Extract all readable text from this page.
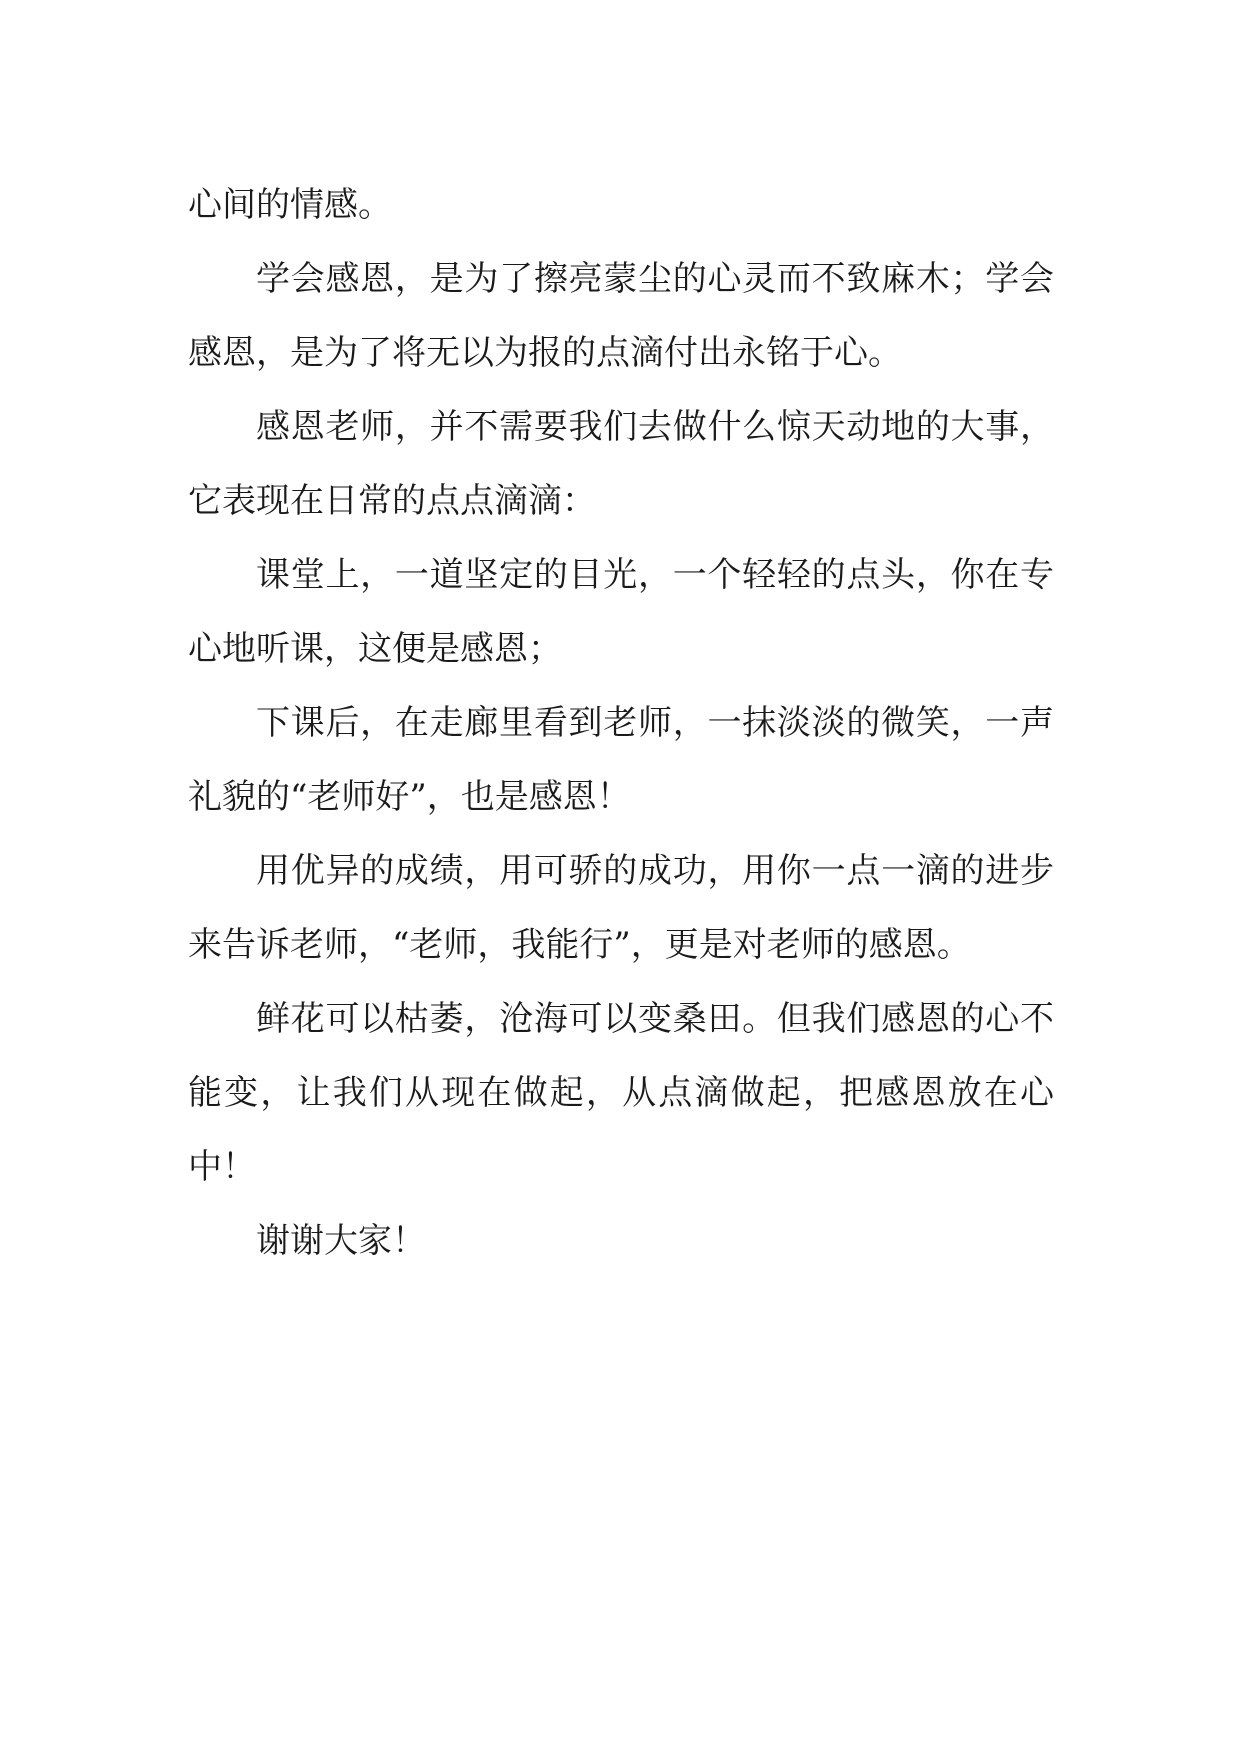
心间的情感。

学会感恩，是为了擦亮蒙尘的心灵而不致麻木；学会感恩，是为了将无以为报的点滴付出永铭于心。

感恩老师，并不需要我们去做什么惊天动地的大事，它表现在日常的点点滴滴：

课堂上，一道坚定的目光，一个轻轻的点头，你在专心地听课，这便是感恩；

下课后，在走廊里看到老师，一抹淡淡的微笑，一声礼貌的“老师好”，也是感恩！

用优异的成绩，用可骄的成功，用你一点一滴的进步来告诉老师，“老师，我能行”，更是对老师的感恩。

鲜花可以枯萎，沧海可以变桑田。但我们感恩的心不能变，让我们从现在做起，从点滴做起，把感恩放在心中！

谢谢大家！
